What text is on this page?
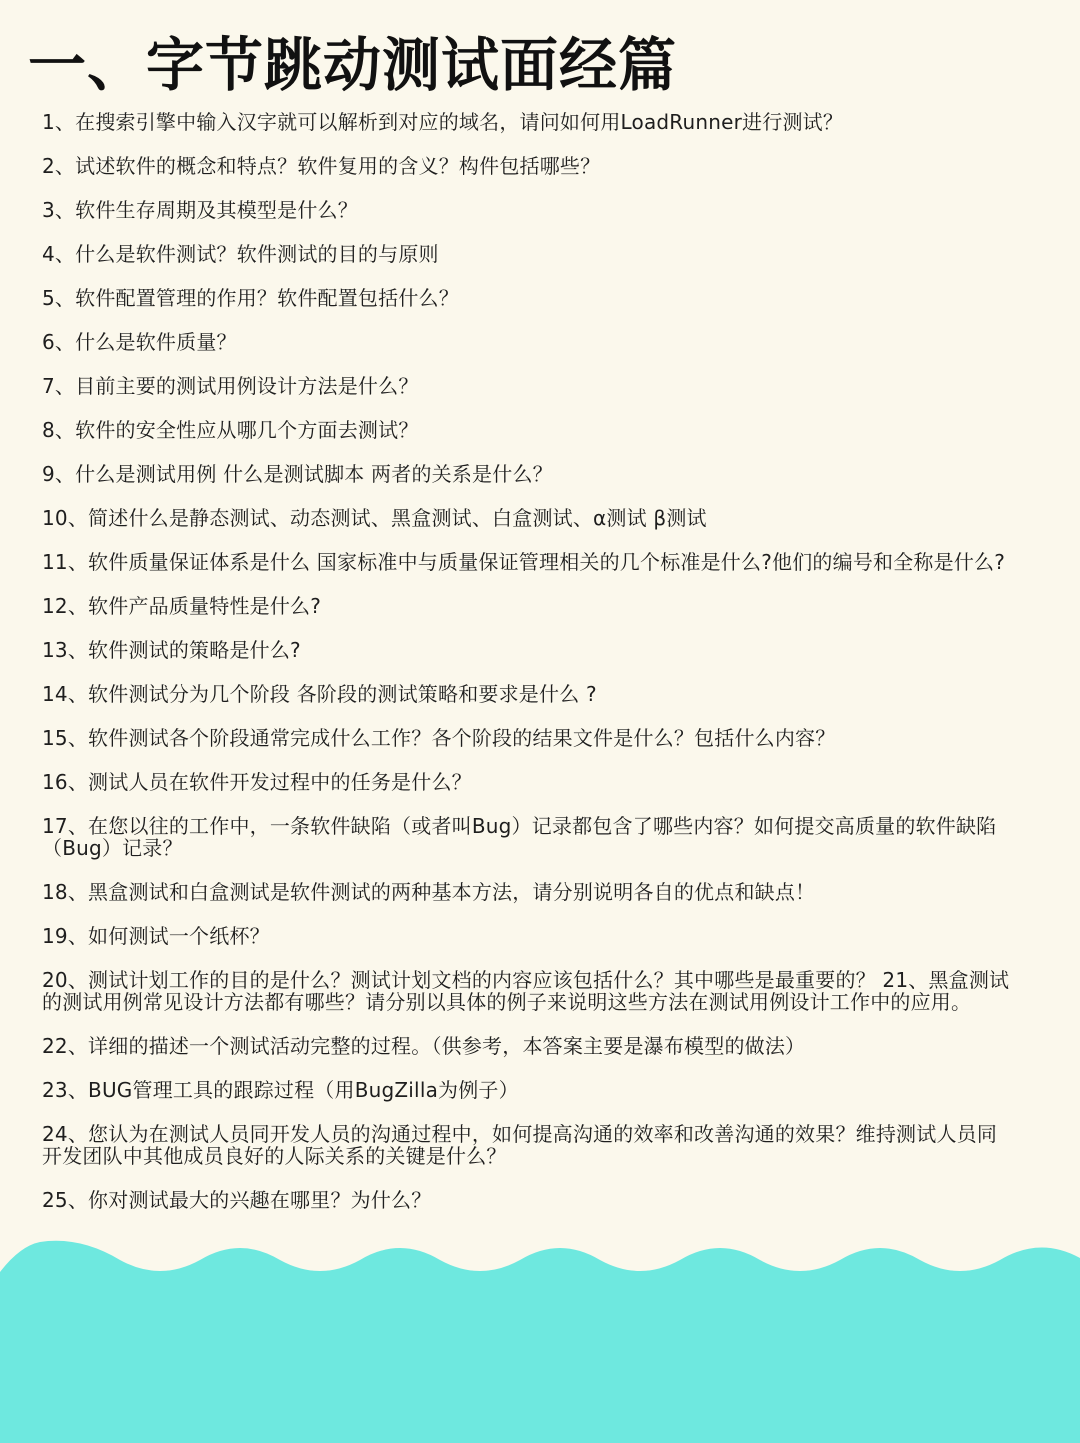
一、字节跳动测试面经篇
1、在搜索引擎中输入汉字就可以解析到对应的域名，请问如何用LoadRunner进行测试？
2、试述软件的概念和特点？软件复用的含义？构件包括哪些？
3、软件生存周期及其模型是什么？
4、什么是软件测试？软件测试的目的与原则
5、软件配置管理的作用？软件配置包括什么？
6、什么是软件质量？
7、目前主要的测试用例设计方法是什么？
8、软件的安全性应从哪几个方面去测试？
9、什么是测试用例 什么是测试脚本 两者的关系是什么？
10、简述什么是静态测试、动态测试、黑盒测试、白盒测试、α测试 β测试
11、软件质量保证体系是什么 国家标准中与质量保证管理相关的几个标准是什么?他们的编号和全称是什么?
12、软件产品质量特性是什么?
13、软件测试的策略是什么?
14、软件测试分为几个阶段 各阶段的测试策略和要求是什么 ?
15、软件测试各个阶段通常完成什么工作？各个阶段的结果文件是什么？包括什么内容？
16、测试人员在软件开发过程中的任务是什么？
17、在您以往的工作中，一条软件缺陷（或者叫Bug）记录都包含了哪些内容？如何提交高质量的软件缺陷（Bug）记录？
18、黑盒测试和白盒测试是软件测试的两种基本方法，请分别说明各自的优点和缺点！
19、如何测试一个纸杯？
20、测试计划工作的目的是什么？测试计划文档的内容应该包括什么？其中哪些是最重要的？ 21、黑盒测试的测试用例常见设计方法都有哪些？请分别以具体的例子来说明这些方法在测试用例设计工作中的应用。
22、详细的描述一个测试活动完整的过程。（供参考，本答案主要是瀑布模型的做法）
23、BUG管理工具的跟踪过程（用BugZilla为例子）
24、您认为在测试人员同开发人员的沟通过程中，如何提高沟通的效率和改善沟通的效果？维持测试人员同开发团队中其他成员良好的人际关系的关键是什么？
25、你对测试最大的兴趣在哪里？为什么？
